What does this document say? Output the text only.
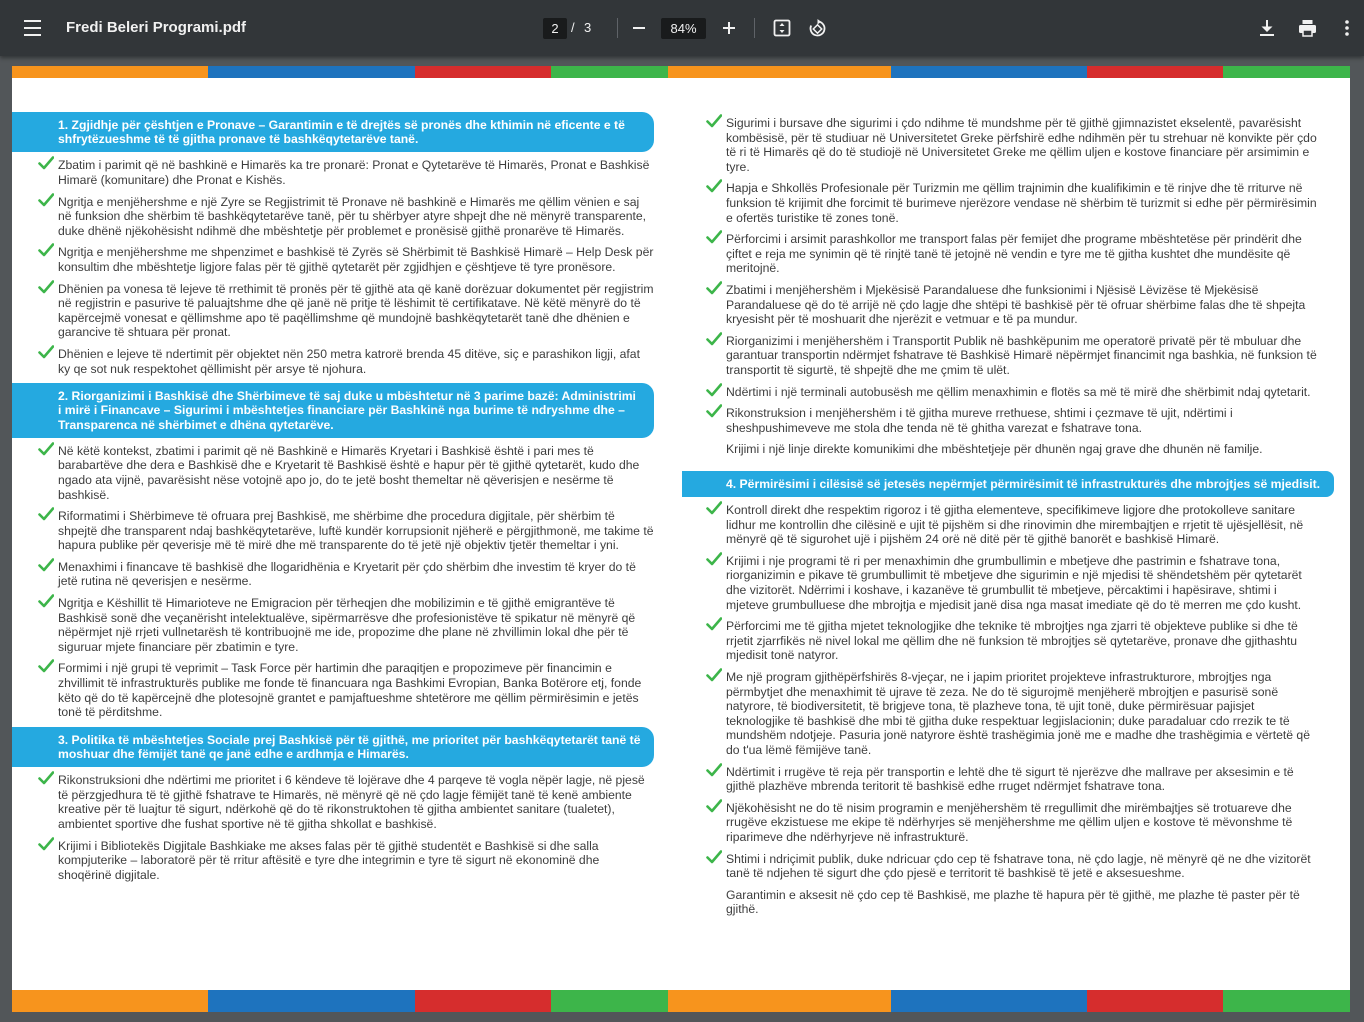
Fredi Beleri Programi.pdf	2 / 3	84%
1. Zgjidhje për çështjen e Pronave – Garantimin e të drejtës së pronës dhe kthimin në eficente e të shfrytëzueshme të të gjitha pronave të bashkëqytetarëve tanë.
Zbatim i parimit që në bashkinë e Himarës ka tre pronarë: Pronat e Qytetarëve të Himarës, Pronat e Bashkisë Himarë (komunitare) dhe Pronat e Kishës.
Ngritja e menjëhershme e një Zyre se Regjistrimit të Pronave në bashkinë e Himarës me qëllim vënien e saj në funksion dhe shërbim të bashkëqytetarëve tanë, për tu shërbyer atyre shpejt dhe në mënyrë transparente, duke dhënë njëkohësisht ndihmë dhe mbështetje për problemet e pronësisë gjithë pronarëve të Himarës.
Ngritja e menjëhershme me shpenzimet e bashkisë të Zyrës së Shërbimit të Bashkisë Himarë – Help Desk për konsultim dhe mbështetje ligjore falas për të gjithë qytetarët për zgjidhjen e çështjeve të tyre pronësore.
Dhënien pa vonesa të lejeve të rrethimit të pronës për të gjithë ata që kanë dorëzuar dokumentet për regjistrim në regjistrin e pasurive të paluajtshme dhe që janë në pritje të lëshimit të certifikatave. Në këtë mënyrë do të kapërcejmë vonesat e qëllimshme apo të paqëllimshme që mundojnë bashkëqytetarët tanë dhe dhënien e garancive të shtuara për pronat.
Dhënien e lejeve të ndertimit për objektet nën 250 metra katrorë brenda 45 ditëve, siç e parashikon ligji, afat ky qe sot nuk respektohet qëllimisht për arsye të njohura.
2. Riorganizimi i Bashkisë dhe Shërbimeve të saj duke u mbështetur në 3 parime bazë: Administrimi i mirë i Financave – Sigurimi i mbështetjes financiare për Bashkinë nga burime të ndryshme dhe – Transparenca në shërbimet e dhëna qytetarëve.
Në këtë kontekst, zbatimi i parimit që në Bashkinë e Himarës Kryetari i Bashkisë është i pari mes të barabartëve dhe dera e Bashkisë dhe e Kryetarit të Bashkisë është e hapur për të gjithë qytetarët, kudo dhe ngado ata vijnë, pavarësisht nëse votojnë apo jo, do te jetë bosht themeltar në qëverisjen e nesërme të bashkisë.
Riformatimi i Shërbimeve të ofruara prej Bashkisë, me shërbime dhe procedura digjitale, për shërbim të shpejtë dhe transparent ndaj bashkëqytetarëve, luftë kundër korrupsionit njëherë e përgjithmonë, me takime të hapura publike për qeverisje më të mirë dhe më transparente do të jetë një objektiv tjetër themeltar i yni.
Menaxhimi i financave të bashkisë dhe llogaridhënia e Kryetarit për çdo shërbim dhe investim të kryer do të jetë rutina në qeverisjen e nesërme.
Ngritja e Këshillit të Himarioteve ne Emigracion për tërheqjen dhe mobilizimin e të gjithë emigrantëve të Bashkisë sonë dhe veçanërisht intelektualëve, sipërmarrësve dhe profesionistëve të spikatur në mënyrë që nëpërmjet një rrjeti vullnetarësh të kontribuojnë me ide, propozime dhe plane në zhvillimin lokal dhe për të siguruar mjete financiare për zbatimin e tyre.
Formimi i një grupi të veprimit – Task Force për hartimin dhe paraqitjen e propozimeve për financimin e zhvillimit të infrastrukturës publike me fonde të financuara nga Bashkimi Evropian, Banka Botërore etj, fonde këto që do të kapërcejnë dhe plotesojnë grantet e pamjaftueshme shtetërore me qëllim përmirësimin e jetës tonë të përditshme.
3. Politika të mbështetjes Sociale prej Bashkisë për të gjithë, me prioritet për bashkëqytetarët tanë të moshuar dhe fëmijët tanë qe janë edhe e ardhmja e Himarës.
Rikonstruksioni dhe ndërtimi me prioritet i 6 këndeve të lojërave dhe 4 parqeve të vogla nëpër lagje, në pjesë të përzgjedhura të të gjithë fshatrave te Himarës, në mënyrë që në çdo lagje fëmijët tanë të kenë ambiente kreative për të luajtur të sigurt, ndërkohë që do të rikonstruktohen të gjitha ambientet sanitare (tualetet), ambientet sportive dhe fushat sportive në të gjitha shkollat e bashkisë.
Krijimi i Bibliotekës Digjitale Bashkiake me akses falas për të gjithë studentët e Bashkisë si dhe salla kompjuterike – laboratorë për të rritur aftësitë e tyre dhe integrimin e tyre të sigurt në ekonominë dhe shoqërinë digjitale.
Sigurimi i bursave dhe sigurimi i çdo ndihme të mundshme për të gjithë gjimnazistet ekselentë, pavarësisht kombësisë, për të studiuar në Universitetet Greke përfshirë edhe ndihmën për tu strehuar në konvikte për çdo të ri të Himarës që do të studiojë në Universitetet Greke me qëllim uljen e kostove financiare për arsimimin e tyre.
Hapja e Shkollës Profesionale për Turizmin me qëllim trajnimin dhe kualifikimin e të rinjve dhe të rriturve në funksion të krijimit dhe forcimit të burimeve njerëzore vendase në shërbim të turizmit si edhe për përmirësimin e ofertës turistike të zones tonë.
Përforcimi i arsimit parashkollor me transport falas për femijet dhe programe mbështetëse për prindërit dhe çiftet e reja me synimin që të rinjtë tanë të jetojnë në vendin e tyre me të gjitha kushtet dhe mundësite që meritojnë.
Zbatimi i menjëhershëm i Mjekësisë Parandaluese dhe funksionimi i Njësisë Lëvizëse të Mjekësisë Parandaluese që do të arrijë në çdo lagje dhe shtëpi të bashkisë për të ofruar shërbime falas dhe të shpejta kryesisht për të moshuarit dhe njerëzit e vetmuar e të pa mundur.
Riorganizimi i menjëhershëm i Transportit Publik në bashkëpunim me operatorë privatë për të mbuluar dhe garantuar transportin ndërmjet fshatrave të Bashkisë Himarë nëpërmjet financimit nga bashkia, në funksion të transportit të sigurtë, të shpejtë dhe me çmim të ulët.
Ndërtimi i një terminali autobusësh me qëllim menaxhimin e flotës sa më të mirë dhe shërbimit ndaj qytetarit.
Rikonstruksion i menjëhershëm i të gjitha mureve rrethuese, shtimi i çezmave të ujit, ndërtimi i sheshpushimeveve me stola dhe tenda në të ghitha varezat e fshatrave tona.
Krijimi i një linje direkte komunikimi dhe mbështetjeje për dhunën ngaj grave dhe dhunën në familje.
4. Përmirësimi i cilësisë së jetesës nepërmjet përmirësimit të infrastrukturës dhe mbrojtjes së mjedisit.
Kontroll direkt dhe respektim rigoroz i të gjitha elementeve, specifikimeve ligjore dhe protokolleve sanitare lidhur me kontrollin dhe cilësinë e ujit të pijshëm si dhe rinovimin dhe mirembajtjen e rrjetit të ujësjellësit, në mënyrë që të sigurohet ujë i pijshëm 24 orë në ditë për të gjithë banorët e bashkisë Himarë.
Krijimi i nje programi të ri per menaxhimin dhe grumbullimin e mbetjeve dhe pastrimin e fshatrave tona, riorganizimin e pikave të grumbullimit të mbetjeve dhe sigurimin e një mjedisi të shëndetshëm për qytetarët dhe vizitorët. Ndërrimi i koshave, i kazanëve të grumbullit të mbetjeve, përcaktimi i hapësirave, shtimi i mjeteve grumbulluese dhe mbrojtja e mjedisit janë disa nga masat imediate që do të merren me çdo kusht.
Përforcimi me të gjitha mjetet teknologjike dhe teknike të mbrojtjes nga zjarri të objekteve publike si dhe të rrjetit zjarrfikës në nivel lokal me qëllim dhe në funksion të mbrojtjes së qytetarëve, pronave dhe gjithashtu mjedisit tonë natyror.
Me një program gjithëpërfshirës 8-vjeçar, ne i japim prioritet projekteve infrastrukturore, mbrojtjes nga përmbytjet dhe menaxhimit të ujrave të zeza. Ne do të sigurojmë menjëherë mbrojtjen e pasurisë sonë natyrore, të biodiversitetit, të brigjeve tona, të plazheve tona, të ujit tonë, duke përmirësuar pajisjet teknologjike të bashkisë dhe mbi të gjitha duke respektuar legjislacionin; duke paradaluar cdo rrezik te të mundshëm ndotjeje. Pasuria jonë natyrore është trashëgimia jonë me e madhe dhe trashëgimia e vërtetë që do t'ua lëmë fëmijëve tanë.
Ndërtimit i rrugëve të reja për transportin e lehtë dhe të sigurt të njerëzve dhe mallrave per aksesimin e të gjithë plazhëve mbrenda teritorit të bashkisë edhe rruget ndërmjet fshatrave tona.
Njëkohësisht ne do të nisim programin e menjëhershëm të rregullimit dhe mirëmbajtjes së trotuareve dhe rrugëve ekzistuese me ekipe të ndërhyrjes së menjëhershme me qëllim uljen e kostove të mëvonshme të riparimeve dhe ndërhyrjeve në infrastrukturë.
Shtimi i ndriçimit publik, duke ndricuar çdo cep të fshatrave tona, në çdo lagje, në mënyrë që ne dhe vizitorët tanë të ndjehen të sigurt dhe çdo pjesë e territorit të bashkisë të jetë e aksesueshme.
Garantimin e aksesit në çdo cep të Bashkisë, me plazhe të hapura për të gjithë, me plazhe të paster për të gjithë.
